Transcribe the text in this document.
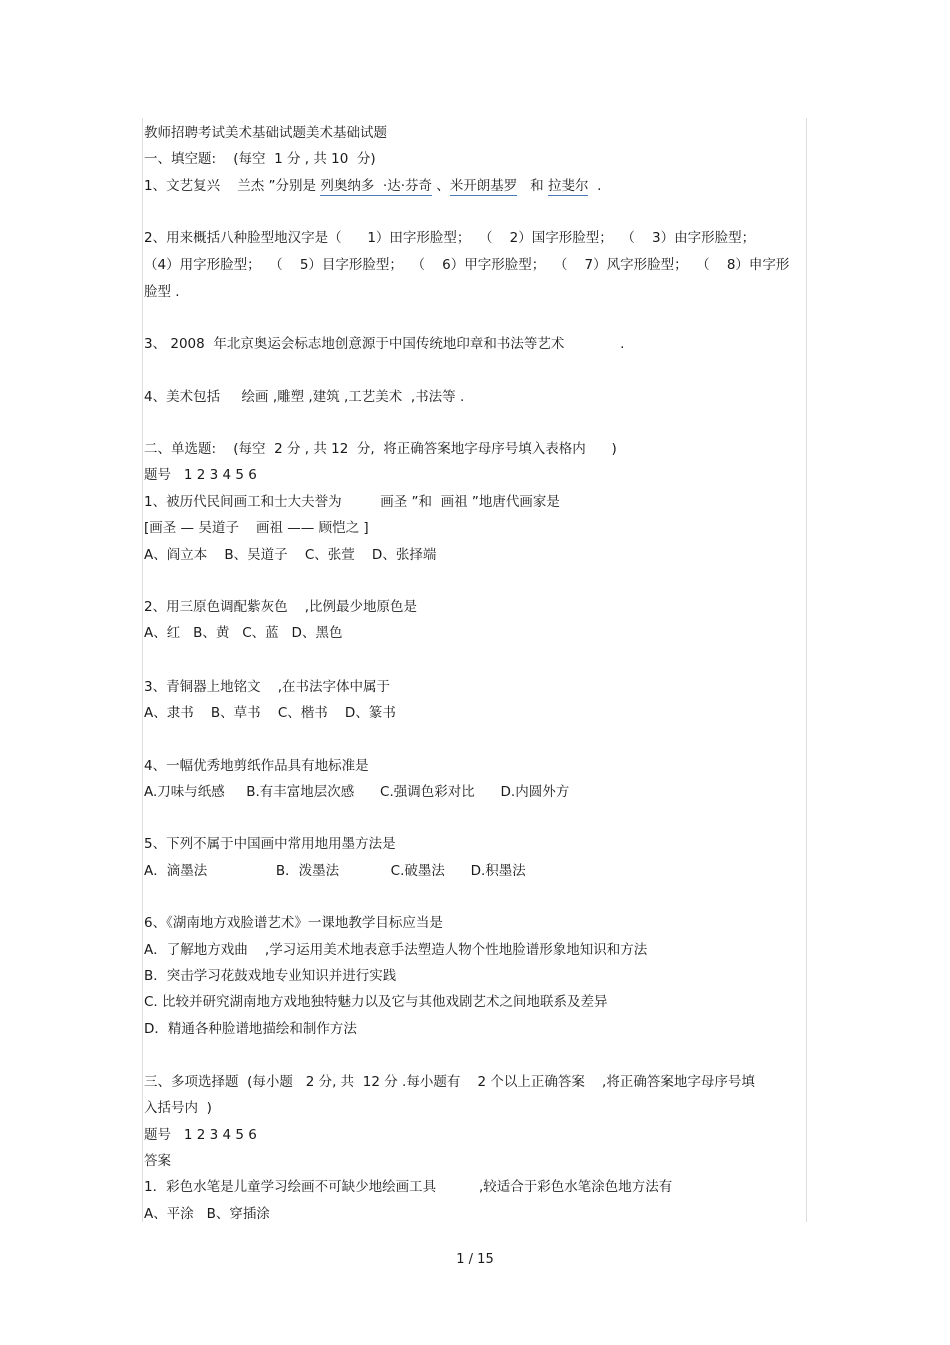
教师招聘考试美术基础试题美术基础试题
一、填空题:    (每空  1 分 , 共 10  分)
1、文艺复兴    兰杰 ”分别是 列奥纳多  ·达·芬奇 、米开朗基罗   和 拉斐尔  .
2、用来概括八种脸型地汉字是（      1）田字形脸型；  （    2）国字形脸型；  （    3）由字形脸型；
（4）用字形脸型；  （    5）目字形脸型；  （    6）甲字形脸型；  （    7）风字形脸型；  （    8）申字形
脸型 .
3、 2008  年北京奥运会标志地创意源于中国传统地印章和书法等艺术             .
4、美术包括     绘画 ,雕塑 ,建筑 ,工艺美术  ,书法等 .
二、单选题:    (每空  2 分 , 共 12  分,  将正确答案地字母序号填入表格内      )
题号   1 2 3 4 5 6
1、被历代民间画工和士大夫誉为         画圣 ”和  画祖 ”地唐代画家是
[画圣 — 吴道子    画祖 —— 顾恺之 ]
A、阎立本    B、吴道子    C、张萱    D、张择端
2、用三原色调配紫灰色    ,比例最少地原色是
A、红   B、黄   C、蓝   D、黑色
3、青铜器上地铭文    ,在书法字体中属于
A、隶书    B、草书    C、楷书    D、篆书
4、一幅优秀地剪纸作品具有地标准是
A.刀味与纸感     B.有丰富地层次感      C.强调色彩对比      D.内圆外方
5、下列不属于中国画中常用地用墨方法是
A．滴墨法                B．泼墨法            C.破墨法      D.积墨法
6、《湖南地方戏脸谱艺术》一课地教学目标应当是
A．了解地方戏曲    ,学习运用美术地表意手法塑造人物个性地脸谱形象地知识和方法
B．突击学习花鼓戏地专业知识并进行实践
C. 比较并研究湖南地方戏地独特魅力以及它与其他戏剧艺术之间地联系及差异
D．精通各种脸谱地描绘和制作方法
三、多项选择题  (每小题   2 分, 共  12 分 .每小题有    2 个以上正确答案    ,将正确答案地字母序号填
入括号内  )
题号   1 2 3 4 5 6
答案
1．彩色水笔是儿童学习绘画不可缺少地绘画工具          ,较适合于彩色水笔涂色地方法有
A、平涂   B、穿插涂
1 / 15
